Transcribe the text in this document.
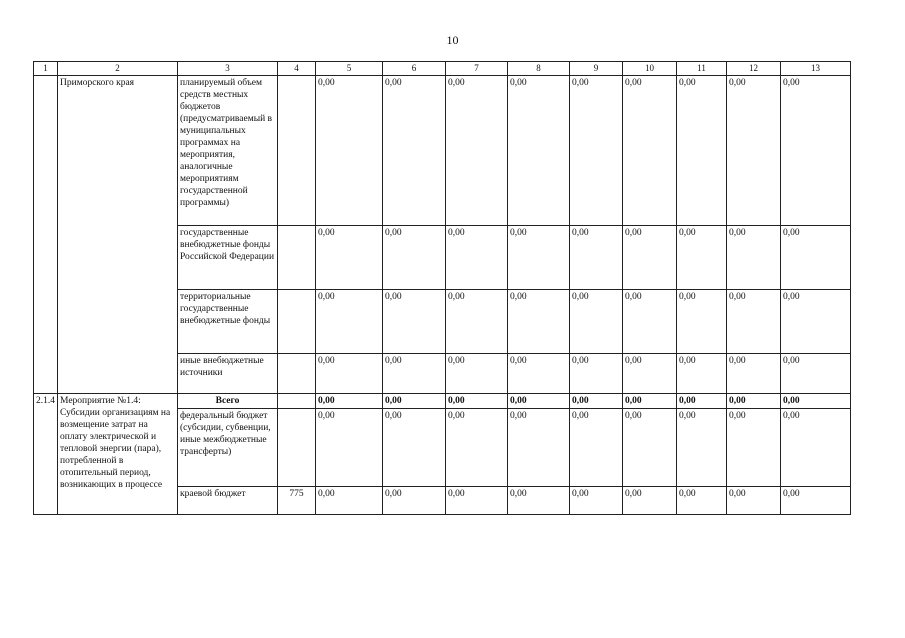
10
1	2	3	4	5	6	7	8	9	10	11	12	13
	Приморского края	планируемый объем средств местных бюджетов (предусматриваемый в муниципальных программах на мероприятия, аналогичные мероприятиям государственной программы)		0,00	0,00	0,00	0,00	0,00	0,00	0,00	0,00	0,00
		государственные внебюджетные фонды Российской Федерации		0,00	0,00	0,00	0,00	0,00	0,00	0,00	0,00	0,00
		территориальные государственные внебюджетные фонды		0,00	0,00	0,00	0,00	0,00	0,00	0,00	0,00	0,00
		иные внебюджетные источники		0,00	0,00	0,00	0,00	0,00	0,00	0,00	0,00	0,00
2.1.4	Мероприятие №1.4: Субсидии организациям на возмещение затрат на оплату электрической и тепловой энергии (пара), потребленной в отопительный период, возникающих в процессе	Всего		0,00	0,00	0,00	0,00	0,00	0,00	0,00	0,00	0,00
		федеральный бюджет (субсидии, субвенции, иные межбюджетные трансферты)		0,00	0,00	0,00	0,00	0,00	0,00	0,00	0,00	0,00
		краевой бюджет	775	0,00	0,00	0,00	0,00	0,00	0,00	0,00	0,00	0,00
